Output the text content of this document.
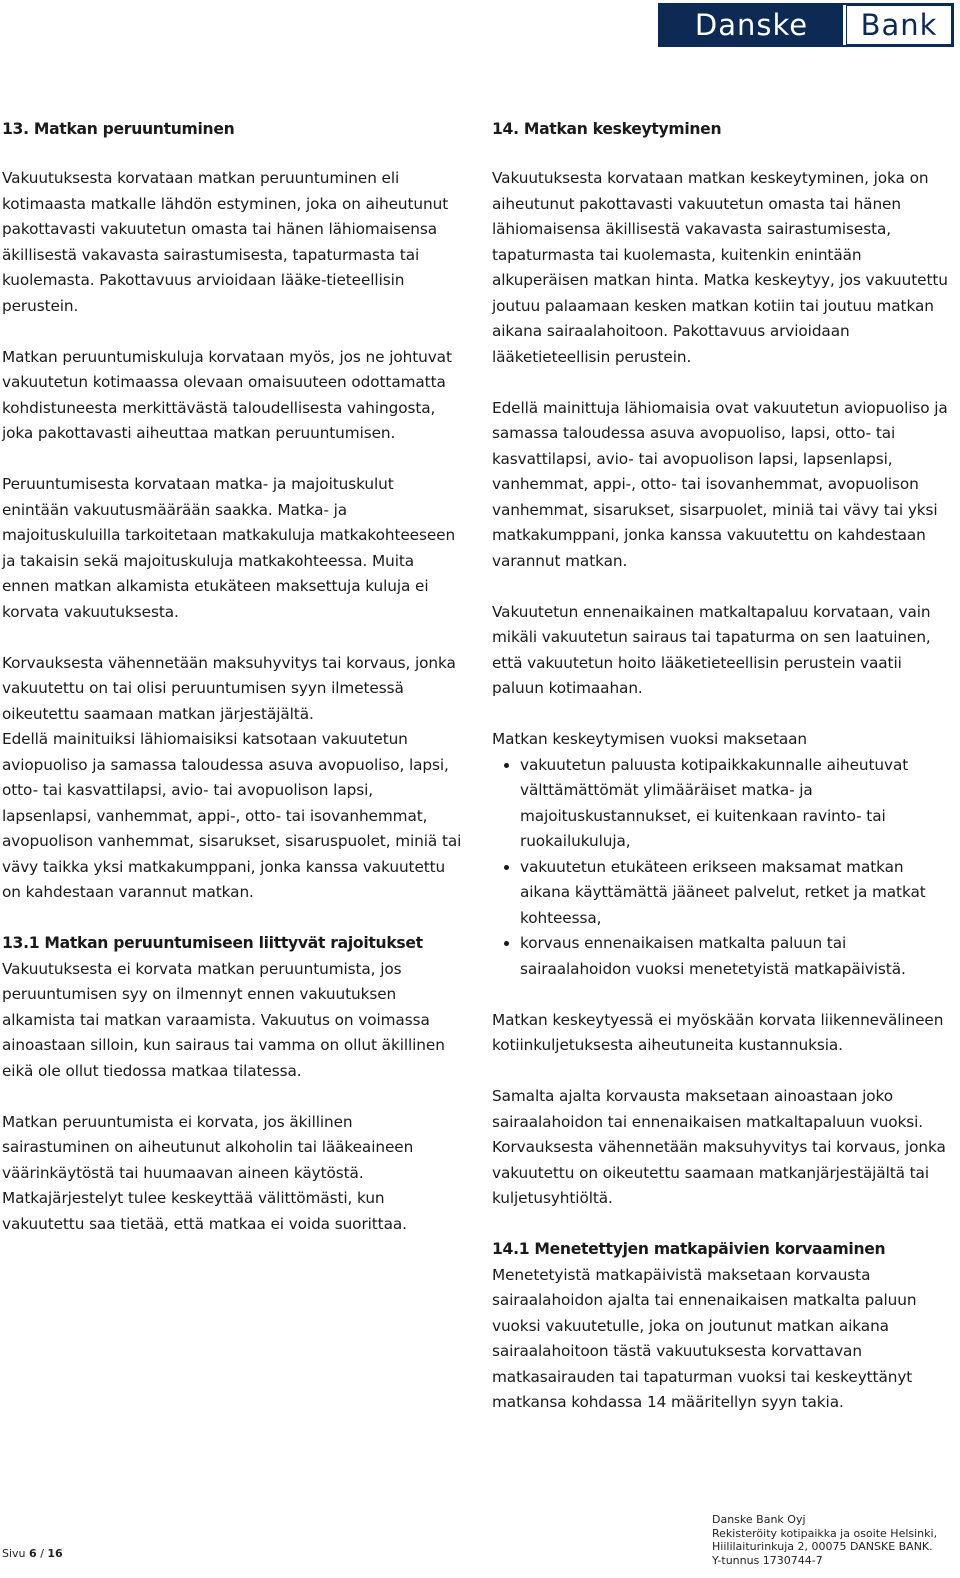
Danske	Bank
13. Matkan peruuntuminen

Vakuutuksesta korvataan matkan peruuntuminen eli kotimaasta matkalle lähdön estyminen, joka on aiheutunut pakottavasti vakuutetun omasta tai hänen lähiomaisensa äkillisestä vakavasta sairastumisesta, tapaturmasta tai kuolemasta. Pakottavuus arvioidaan lääke-tieteellisin perustein.

Matkan peruuntumiskuluja korvataan myös, jos ne johtuvat vakuutetun kotimaassa olevaan omaisuuteen odottamatta kohdistuneesta merkittävästä taloudellisesta vahingosta, joka pakottavasti aiheuttaa matkan peruuntumisen.

Peruuntumisesta korvataan matka- ja majoituskulut enintään vakuutusmäärään saakka. Matka- ja majoituskuluilla tarkoitetaan matkakuluja matkakohteeseen ja takaisin sekä majoituskuluja matkakohteessa. Muita ennen matkan alkamista etukäteen maksettuja kuluja ei korvata vakuutuksesta.

Korvauksesta vähennetään maksuhyvitys tai korvaus, jonka vakuutettu on tai olisi peruuntumisen syyn ilmetessä oikeutettu saamaan matkan järjestäjältä.

Edellä mainituiksi lähiomaisiksi katsotaan vakuutetun aviopuoliso ja samassa taloudessa asuva avopuoliso, lapsi, otto- tai kasvattilapsi, avio- tai avopuolison lapsi, lapsenlapsi, vanhemmat, appi-, otto- tai isovanhemmat, avopuolison vanhemmat, sisarukset, sisaruspuolet, miniä tai vävy taikka yksi matkakumppani, jonka kanssa vakuutettu on kahdestaan varannut matkan.

13.1 Matkan peruuntumiseen liittyvät rajoitukset

Vakuutuksesta ei korvata matkan peruuntumista, jos peruuntumisen syy on ilmennyt ennen vakuutuksen alkamista tai matkan varaamista. Vakuutus on voimassa ainoastaan silloin, kun sairaus tai vamma on ollut äkillinen eikä ole ollut tiedossa matkaa tilatessa.

Matkan peruuntumista ei korvata, jos äkillinen sairastuminen on aiheutunut alkoholin tai lääkeaineen väärinkäytöstä tai huumaavan aineen käytöstä. Matkajärjestelyt tulee keskeyttää välittömästi, kun vakuutettu saa tietää, että matkaa ei voida suorittaa.

14. Matkan keskeytyminen

Vakuutuksesta korvataan matkan keskeytyminen, joka on aiheutunut pakottavasti vakuutetun omasta tai hänen lähiomaisensa äkillisestä vakavasta sairastumisesta, tapaturmasta tai kuolemasta, kuitenkin enintään alkuperäisen matkan hinta. Matka keskeytyy, jos vakuutettu joutuu palaamaan kesken matkan kotiin tai joutuu matkan aikana sairaalahoitoon. Pakottavuus arvioidaan lääketieteellisin perustein.

Edellä mainittuja lähiomaisia ovat vakuutetun aviopuoliso ja samassa taloudessa asuva avopuoliso, lapsi, otto- tai kasvattilapsi, avio- tai avopuolison lapsi, lapsenlapsi, vanhemmat, appi-, otto- tai isovanhemmat, avopuolison vanhemmat, sisarukset, sisarpuolet, miniä tai vävy tai yksi matkakumppani, jonka kanssa vakuutettu on kahdestaan varannut matkan.

Vakuutetun ennenaikainen matkaltapaluu korvataan, vain mikäli vakuutetun sairaus tai tapaturma on sen laatuinen, että vakuutetun hoito lääketieteellisin perustein vaatii paluun kotimaahan.

Matkan keskeytymisen vuoksi maksetaan

• vakuutetun paluusta kotipaikkakunnalle aiheutuvat välttämättömät ylimääräiset matka- ja majoituskustannukset, ei kuitenkaan ravinto- tai ruokailukuluja,
• vakuutetun etukäteen erikseen maksamat matkan aikana käyttämättä jääneet palvelut, retket ja matkat kohteessa,
• korvaus ennenaikaisen matkalta paluun tai sairaalahoidon vuoksi menetetyistä matkapäivistä.

Matkan keskeytyessä ei myöskään korvata liikennevälineen kotiinkuljetuksesta aiheutuneita kustannuksia.

Samalta ajalta korvausta maksetaan ainoastaan joko sairaalahoidon tai ennenaikaisen matkaltapaluun vuoksi. Korvauksesta vähennetään maksuhyvitys tai korvaus, jonka vakuutettu on oikeutettu saamaan matkanjärjestäjältä tai kuljetusyhtiöltä.

14.1 Menetettyjen matkapäivien korvaaminen

Menetetyistä matkapäivistä maksetaan korvausta sairaalahoidon ajalta tai ennenaikaisen matkalta paluun vuoksi vakuutetulle, joka on joutunut matkan aikana sairaalahoitoon tästä vakuutuksesta korvattavan matkasairauden tai tapaturman vuoksi tai keskeyttänyt matkansa kohdassa 14 määritellyn syyn takia.

Sivu 6 / 16
Danske Bank Oyj
Rekisteröity kotipaikka ja osoite Helsinki,
Hiililaiturinkuja 2, 00075 DANSKE BANK.
Y-tunnus 1730744-7
